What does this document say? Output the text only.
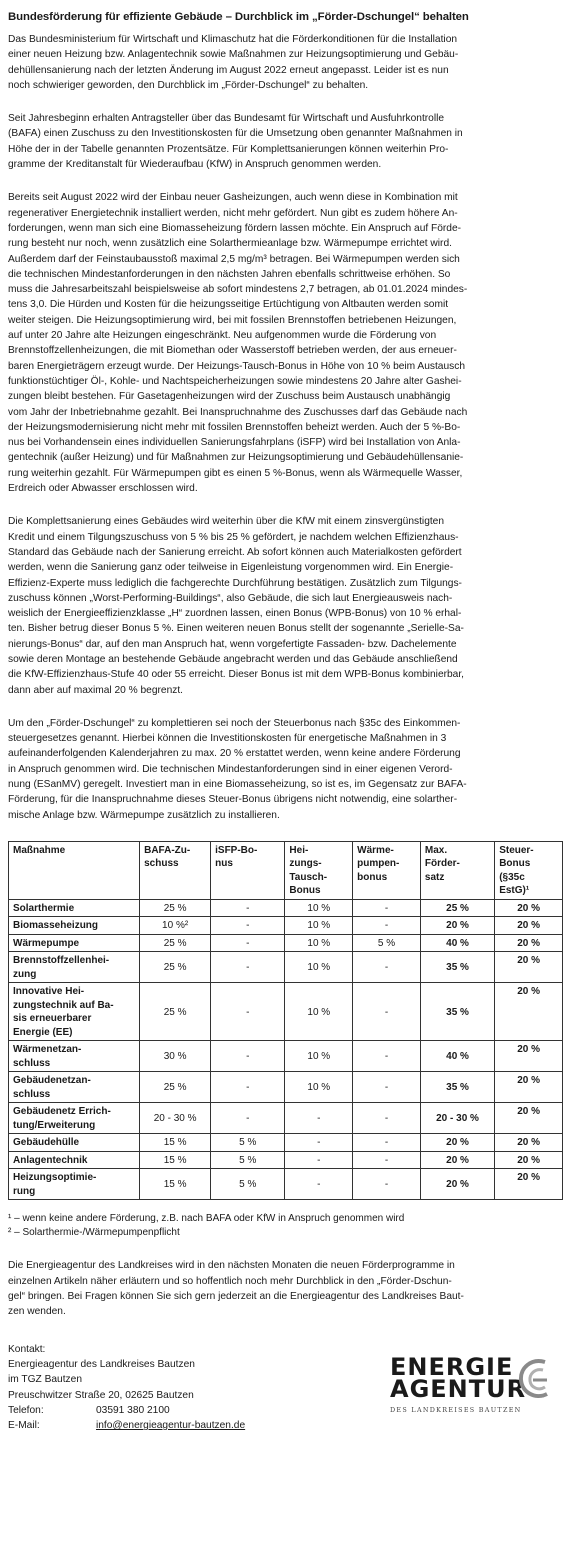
Bundesförderung für effiziente Gebäude – Durchblick im „Förder-Dschungel“ behalten

Das Bundesministerium für Wirtschaft und Klimaschutz hat die Förderkonditionen für die Installation

einer neuen Heizung bzw. Anlagentechnik sowie Maßnahmen zur Heizungsoptimierung und Gebäu-

dehüllensanierung nach der letzten Änderung im August 2022 erneut angepasst. Leider ist es nun

noch schwieriger geworden, den Durchblick im „Förder-Dschungel“ zu behalten.

Seit Jahresbeginn erhalten Antragsteller über das Bundesamt für Wirtschaft und Ausfuhrkontrolle

(BAFA) einen Zuschuss zu den Investitionskosten für die Umsetzung oben genannter Maßnahmen in

Höhe der in der Tabelle genannten Prozentsätze. Für Komplettsanierungen können weiterhin Pro-

gramme der Kreditanstalt für Wiederaufbau (KfW) in Anspruch genommen werden.

Bereits seit August 2022 wird der Einbau neuer Gasheizungen, auch wenn diese in Kombination mit

regenerativer Energietechnik installiert werden, nicht mehr gefördert. Nun gibt es zudem höhere An-

forderungen, wenn man sich eine Biomasseheizung fördern lassen möchte. Ein Anspruch auf Förde-

rung besteht nur noch, wenn zusätzlich eine Solarthermieanlage bzw. Wärmepumpe errichtet wird.

Außerdem darf der Feinstaubausstoß maximal 2,5 mg/m³ betragen. Bei Wärmepumpen werden sich

die technischen Mindestanforderungen in den nächsten Jahren ebenfalls schrittweise erhöhen. So

muss die Jahresarbeitszahl beispielsweise ab sofort mindestens 2,7 betragen, ab 01.01.2024 mindes-

tens 3,0. Die Hürden und Kosten für die heizungsseitige Ertüchtigung von Altbauten werden somit

weiter steigen. Die Heizungsoptimierung wird, bei mit fossilen Brennstoffen betriebenen Heizungen,

auf unter 20 Jahre alte Heizungen eingeschränkt. Neu aufgenommen wurde die Förderung von

Brennstoffzellenheizungen, die mit Biomethan oder Wasserstoff betrieben werden, der aus erneuer-

baren Energieträgern erzeugt wurde. Der Heizungs-Tausch-Bonus in Höhe von 10 % beim Austausch

funktionstüchtiger Öl-, Kohle- und Nachtspeicherheizungen sowie mindestens 20 Jahre alter Gashei-

zungen bleibt bestehen. Für Gasetagenheizungen wird der Zuschuss beim Austausch unabhängig

vom Jahr der Inbetriebnahme gezahlt. Bei Inanspruchnahme des Zuschusses darf das Gebäude nach

der Heizungsmodernisierung nicht mehr mit fossilen Brennstoffen beheizt werden. Auch der 5 %-Bo-

nus bei Vorhandensein eines individuellen Sanierungsfahrplans (iSFP) wird bei Installation von Anla-

gentechnik (außer Heizung) und für Maßnahmen zur Heizungsoptimierung und Gebäudehüllensanie-

rung weiterhin gezahlt. Für Wärmepumpen gibt es einen 5 %-Bonus, wenn als Wärmequelle Wasser,

Erdreich oder Abwasser erschlossen wird.

Die Komplettsanierung eines Gebäudes wird weiterhin über die KfW mit einem zinsvergünstigten

Kredit und einem Tilgungszuschuss von 5 % bis 25 % gefördert, je nachdem welchen Effizienzhaus-

Standard das Gebäude nach der Sanierung erreicht. Ab sofort können auch Materialkosten gefördert

werden, wenn die Sanierung ganz oder teilweise in Eigenleistung vorgenommen wird. Ein Energie-

Effizienz-Experte muss lediglich die fachgerechte Durchführung bestätigen. Zusätzlich zum Tilgungs-

zuschuss können „Worst-Performing-Buildings“, also Gebäude, die sich laut Energieausweis nach-

weislich der Energieeffizienzklasse „H“ zuordnen lassen, einen Bonus (WPB-Bonus) von 10 % erhal-

ten. Bisher betrug dieser Bonus 5 %. Einen weiteren neuen Bonus stellt der sogenannte „Serielle-Sa-

nierungs-Bonus“ dar, auf den man Anspruch hat, wenn vorgefertigte Fassaden- bzw. Dachelemente

sowie deren Montage an bestehende Gebäude angebracht werden und das Gebäude anschließend

die KfW-Effizienzhaus-Stufe 40 oder 55 erreicht. Dieser Bonus ist mit dem WPB-Bonus kombinierbar,

dann aber auf maximal 20 % begrenzt.

Um den „Förder-Dschungel“ zu komplettieren sei noch der Steuerbonus nach §35c des Einkommen-

steuergesetzes genannt. Hierbei können die Investitionskosten für energetische Maßnahmen in 3

aufeinanderfolgenden Kalenderjahren zu max. 20 % erstattet werden, wenn keine andere Förderung

in Anspruch genommen wird. Die technischen Mindestanforderungen sind in einer eigenen Verord-

nung (ESanMV) geregelt. Investiert man in eine Biomasseheizung, so ist es, im Gegensatz zur BAFA-

Förderung, für die Inanspruchnahme dieses Steuer-Bonus übrigens nicht notwendig, eine solarther-

mische Anlage bzw. Wärmepumpe zusätzlich zu installieren.

Maßnahme	BAFA-Zu-
schuss	iSFP-Bo-
nus	Hei-
zungs-
Tausch-
Bonus	Wärme-
pumpen-
bonus	Max.
Förder-
satz	Steuer-
Bonus
(§35c
EstG)¹

Solarthermie	25 %	-	10 %	-	25 %	20 %
Biomasseheizung	10 %²	-	10 %	-	20 %	20 %
Wärmepumpe	25 %	-	10 %	5 %	40 %	20 %
Brennstoffzellenhei-
zung	25 %	-	10 %	-	35 %	20 %
Innovative Hei-
zungstechnik auf Ba-
sis erneuerbarer
Energie (EE)	25 %	-	10 %	-	35 %	20 %
Wärmenetzan-
schluss	30 %	-	10 %	-	40 %	20 %
Gebäudenetzan-
schluss	25 %	-	10 %	-	35 %	20 %
Gebäudenetz Errich-
tung/Erweiterung	20 - 30 %	-	-	-	20 - 30 %	20 %
Gebäudehülle	15 %	5 %	-	-	20 %	20 %
Anlagentechnik	15 %	5 %	-	-	20 %	20 %
Heizungsoptimie-
rung	15 %	5 %	-	-	20 %	20 %

¹ – wenn keine andere Förderung, z.B. nach BAFA oder KfW in Anspruch genommen wird

² – Solarthermie-/Wärmepumpenpflicht

Die Energieagentur des Landkreises wird in den nächsten Monaten die neuen Förderprogramme in

einzelnen Artikeln näher erläutern und so hoffentlich noch mehr Durchblick in den „Förder-Dschun-

gel“ bringen. Bei Fragen können Sie sich gern jederzeit an die Energieagentur des Landkreises Baut-

zen wenden.

Kontakt:

Energieagentur des Landkreises Bautzen

im TGZ Bautzen

Preuschwitzer Straße 20, 02625 Bautzen

Telefon:	03591 380 2100
E-Mail:	info@energieagentur-bautzen.de
ENERGIE
AGENTUR
DES LANDKREISES BAUTZEN
